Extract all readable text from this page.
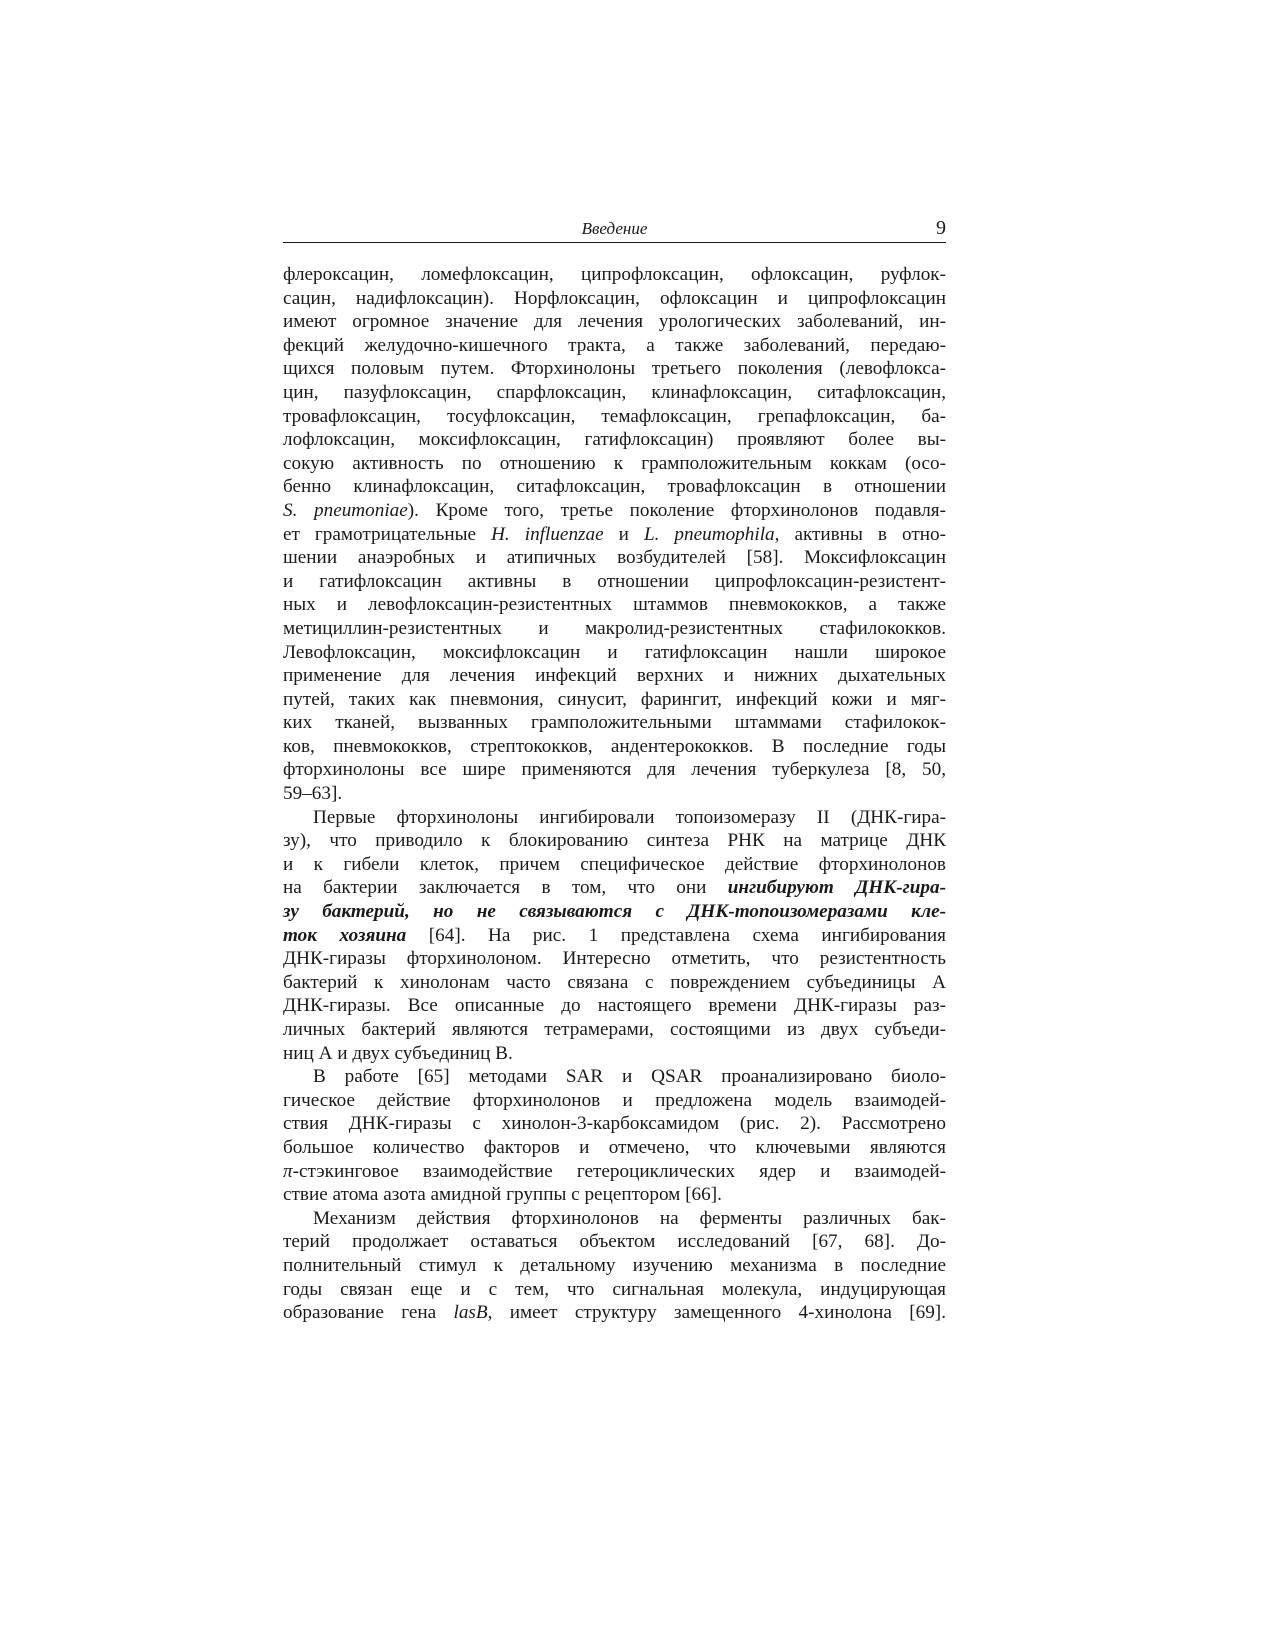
Введение	9
флероксацин, ломефлоксацин, ципрофлоксацин, офлоксацин, руфлок-
сацин, надифлоксацин). Норфлоксацин, офлоксацин и ципрофлоксацин
имеют огромное значение для лечения урологических заболеваний, ин-
фекций желудочно-кишечного тракта, а также заболеваний, передаю-
щихся половым путем. Фторхинолоны третьего поколения (левофлокса-
цин, пазуфлоксацин, спарфлоксацин, клинафлоксацин, ситафлоксацин,
тровафлоксацин, тосуфлоксацин, темафлоксацин, грепафлоксацин, ба-
лофлоксацин, моксифлоксацин, гатифлоксацин) проявляют более вы-
сокую активность по отношению к грамположительным коккам (осо-
бенно клинафлоксацин, ситафлоксацин, тровафлоксацин в отношении
S. pneumoniae). Кроме того, третье поколение фторхинолонов подавля-
ет грамотрицательные H. influenzae и L. pneumophila, активны в отно-
шении анаэробных и атипичных возбудителей [58]. Моксифлоксацин
и гатифлоксацин активны в отношении ципрофлоксацин-резистент-
ных и левофлоксацин-резистентных штаммов пневмококков, а также
метициллин-резистентных и макролид-резистентных стафилококков.
Левофлоксацин, моксифлоксацин и гатифлоксацин нашли широкое
применение для лечения инфекций верхних и нижних дыхательных
путей, таких как пневмония, синусит, фарингит, инфекций кожи и мяг-
ких тканей, вызванных грамположительными штаммами стафилокок-
ков, пневмококков, стрептококков, андентерококков. В последние годы
фторхинолоны все шире применяются для лечения туберкулеза [8, 50,
59–63].
Первые фторхинолоны ингибировали топоизомеразу II (ДНК-гира-
зу), что приводило к блокированию синтеза РНК на матрице ДНК
и к гибели клеток, причем специфическое действие фторхинолонов
на бактерии заключается в том, что они ингибируют ДНК-гира-
зу бактерий, но не связываются с ДНК-топоизомеразами кле-
ток хозяина [64]. На рис. 1 представлена схема ингибирования
ДНК-гиразы фторхинолоном. Интересно отметить, что резистентность
бактерий к хинолонам часто связана с повреждением субъединицы А
ДНК-гиразы. Все описанные до настоящего времени ДНК-гиразы раз-
личных бактерий являются тетрамерами, состоящими из двух субъеди-
ниц А и двух субъединиц В.
В работе [65] методами SAR и QSAR проанализировано биоло-
гическое действие фторхинолонов и предложена модель взаимодей-
ствия ДНК-гиразы с хинолон-3-карбоксамидом (рис. 2). Рассмотрено
большое количество факторов и отмечено, что ключевыми являются
π-стэкинговое взаимодействие гетероциклических ядер и взаимодей-
ствие атома азота амидной группы с рецептором [66].
Механизм действия фторхинолонов на ферменты различных бак-
терий продолжает оставаться объектом исследований [67, 68]. До-
полнительный стимул к детальному изучению механизма в последние
годы связан еще и с тем, что сигнальная молекула, индуцирующая
образование гена lasB, имеет структуру замещенного 4-хинолона [69].
